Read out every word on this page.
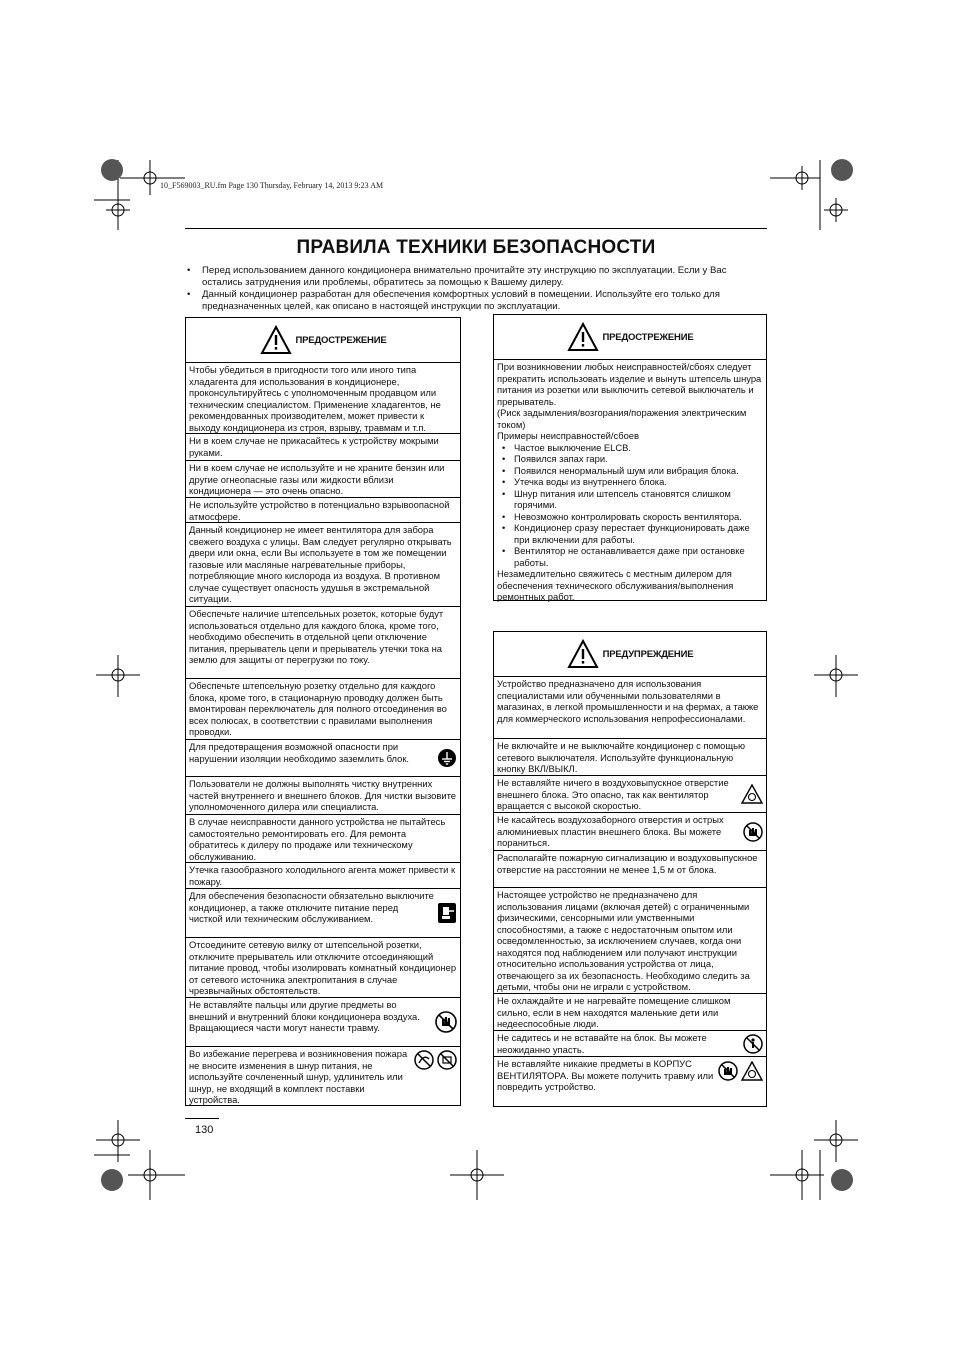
10_F569003_RU.fm Page 130 Thursday, February 14, 2013 9:23 AM
ПРАВИЛА ТЕХНИКИ БЕЗОПАСНОСТИ
• Перед использованием данного кондиционера внимательно прочитайте эту инструкцию по эксплуатации. Если у Вас остались затруднения или проблемы, обратитесь за помощью к Вашему дилеру.
• Данный кондиционер разработан для обеспечения комфортных условий в помещении. Используйте его только для предназначенных целей, как описано в настоящей инструкции по эксплуатации.
ПРЕДОСТРЕЖЕНИЕ
Чтобы убедиться в пригодности того или иного типа хладагента для использования в кондиционере, проконсультируйтесь с уполномоченным продавцом или техническим специалистом. Применение хладагентов, не рекомендованных производителем, может привести к выходу кондиционера из строя, взрыву, травмам и т.п.
Ни в коем случае не прикасайтесь к устройству мокрыми руками.
Ни в коем случае не используйте и не храните бензин или другие огнеопасные газы или жидкости вблизи кондиционера — это очень опасно.
Не используйте устройство в потенциально взрывоопасной атмосфере.
Данный кондиционер не имеет вентилятора для забора свежего воздуха с улицы. Вам следует регулярно открывать двери или окна, если Вы используете в том же помещении газовые или масляные нагревательные приборы, потребляющие много кислорода из воздуха. В противном случае существует опасность удушья в экстремальной ситуации.
Обеспечьте наличие штепсельных розеток, которые будут использоваться отдельно для каждого блока, кроме того, необходимо обеспечить в отдельной цепи отключение питания, прерыватель цепи и прерыватель утечки тока на землю для защиты от перегрузки по току.
Обеспечьте штепсельную розетку отдельно для каждого блока, кроме того, в стационарную проводку должен быть вмонтирован переключатель для полного отсоединения во всех полюсах, в соответствии с правилами выполнения проводки.
Для предотвращения возможной опасности при нарушении изоляции необходимо заземлить блок.
Пользователи не должны выполнять чистку внутренних частей внутреннего и внешнего блоков. Для чистки вызовите уполномоченного дилера или специалиста.
В случае неисправности данного устройства не пытайтесь самостоятельно ремонтировать его. Для ремонта обратитесь к дилеру по продаже или техническому обслуживанию.
Утечка газообразного холодильного агента может привести к пожару.
Для обеспечения безопасности обязательно выключите кондиционер, а также отключите питание перед чисткой или техническим обслуживанием.
Отсоедините сетевую вилку от штепсельной розетки, отключите прерыватель или отключите отсоединяющий питание провод, чтобы изолировать комнатный кондиционер от сетевого источника электропитания в случае чрезвычайных обстоятельств.
Не вставляйте пальцы или другие предметы во внешний и внутренний блоки кондиционера воздуха. Вращающиеся части могут нанести травму.
Во избежание перегрева и возникновения пожара не вносите изменения в шнур питания, не используйте сочлененный шнур, удлинитель или шнур, не входящий в комплект поставки устройства.
ПРЕДОСТРЕЖЕНИЕ

При возникновении любых неисправностей/сбоях следует прекратить использовать изделие и вынуть штепсель шнура питания из розетки или выключить сетевой выключатель и прерыватель.

(Риск задымления/возгорания/поражения электрическим током)

Примеры неисправностей/сбоев

• Частое выключение ELCB.
• Появился запах гари.
• Появился ненормальный шум или вибрация блока.
• Утечка воды из внутреннего блока.
• Шнур питания или штепсель становятся слишком горячими.
• Невозможно контролировать скорость вентилятора.
• Кондиционер сразу перестает функционировать даже при включении для работы.
• Вентилятор не останавливается даже при остановке работы.

Незамедлительно свяжитесь с местным дилером для обеспечения технического обслуживания/выполнения ремонтных работ.

ПРЕДУПРЕЖДЕНИЕ
Устройство предназначено для использования специалистами или обученными пользователями в магазинах, в легкой промышленности и на фермах, а также для коммерческого использования непрофессионалами.
Не включайте и не выключайте кондиционер с помощью сетевого выключателя. Используйте функциональную кнопку ВКЛ/ВЫКЛ.
Не вставляйте ничего в воздуховыпускное отверстие внешнего блока. Это опасно, так как вентилятор вращается с высокой скоростью.
Не касайтесь воздухозаборного отверстия и острых алюминиевых пластин внешнего блока. Вы можете пораниться.
Располагайте пожарную сигнализацию и воздуховыпускное отверстие на расстоянии не менее 1,5 м от блока.
Настоящее устройство не предназначено для использования лицами (включая детей) с ограниченными физическими, сенсорными или умственными способностями, а также с недостаточным опытом или осведомленностью, за исключением случаев, когда они находятся под наблюдением или получают инструкции относительно использования устройства от лица, отвечающего за их безопасность. Необходимо следить за детьми, чтобы они не играли с устройством.
Не охлаждайте и не нагревайте помещение слишком сильно, если в нем находятся маленькие дети или недееспособные люди.
Не садитесь и не вставайте на блок. Вы можете неожиданно упасть.
Не вставляйте никакие предметы в КОРПУС ВЕНТИЛЯТОРА. Вы можете получить травму или повредить устройство.
130
